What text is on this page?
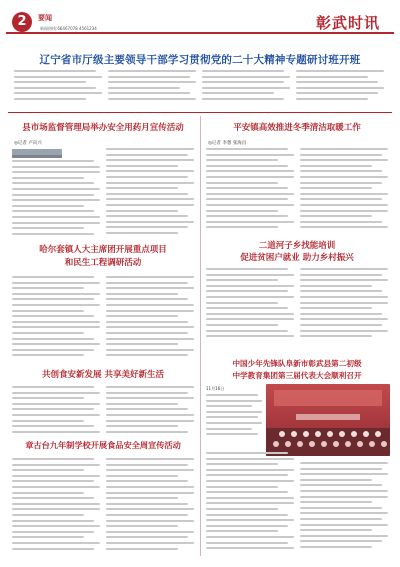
2	要闻
新闻热线:66467078 4561234	彰武时讯
辽宁省市厅级主要领导干部学习贯彻党的二十大精神专题研讨班开班
县市场监督管理局举办安全用药月宣传活动
◎记者 卢向兴
哈尔套镇人大主席团开展重点项目
和民生工程调研活动
共创食安新发展 共享美好新生活
章古台九年制学校开展食品安全周宣传活动
平安镇高效推进冬季清洁取暖工作
◎记者 李想 张海昌
二道河子乡找能培训
促进贫困户就业 助力乡村振兴
中国少年先锋队阜新市彰武县第二初级
中学教育集团第三届代表大会顺利召开
11月16日
